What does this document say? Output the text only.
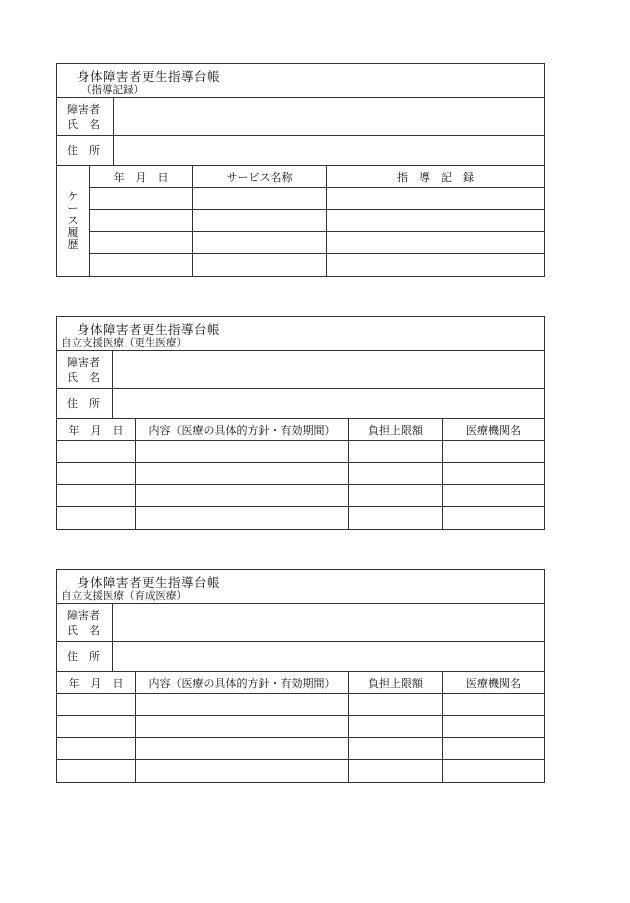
身体障害者更生指導台帳
（指導記録）
障害者
氏　名
住　所
ケ
ー
ス
履
歴
年　月　日	サービス名称	指　導　記　録
身体障害者更生指導台帳
自立支援医療（更生医療）
障害者
氏　名
住　所
年　月　日	内容（医療の具体的方針・有効期間）	負担上限額	医療機関名
身体障害者更生指導台帳
自立支援医療（育成医療）
障害者
氏　名
住　所
年　月　日	内容（医療の具体的方針・有効期間）	負担上限額	医療機関名
